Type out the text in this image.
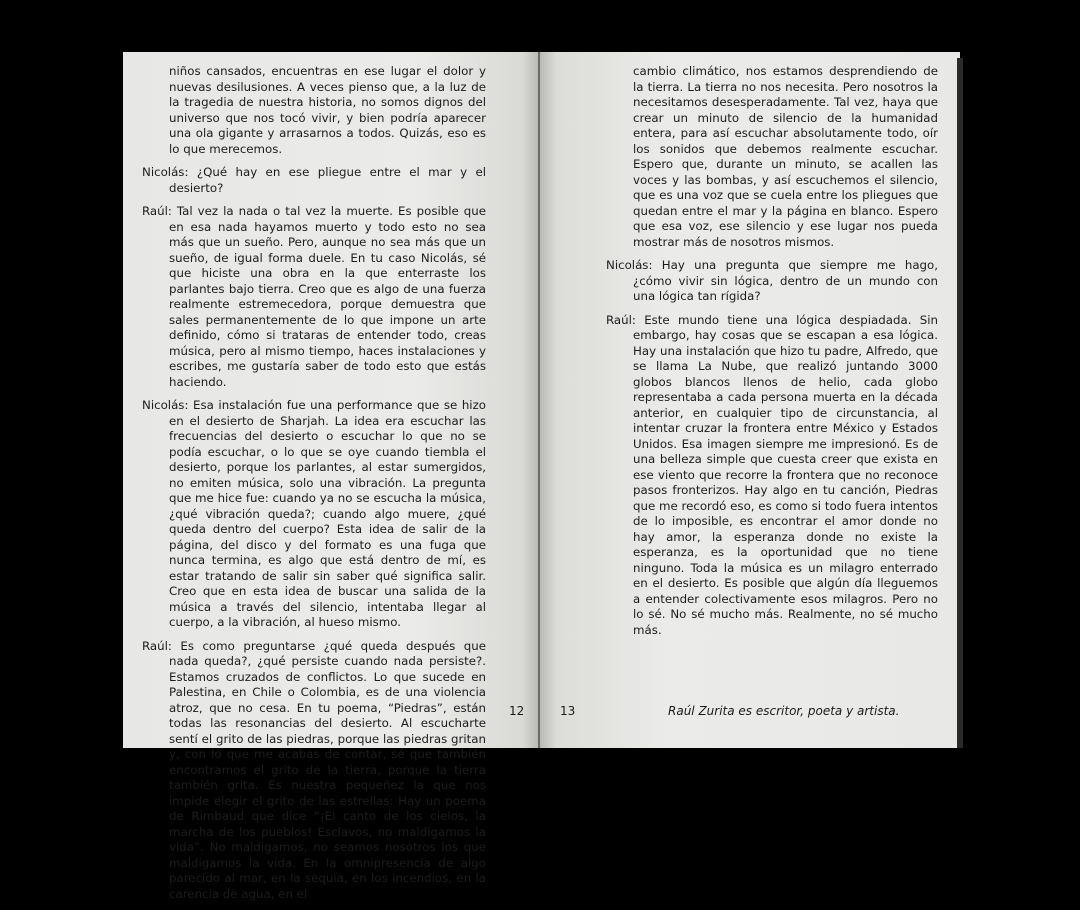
niños cansados, encuentras en ese lugar el dolor y nuevas desilusiones. A veces pienso que, a la luz de la tragedia de nuestra historia, no somos dignos del universo que nos tocó vivir, y bien podría aparecer una ola gigante y arrasarnos a todos. Quizás, eso es lo que merecemos.

Nicolás: ¿Qué hay en ese pliegue entre el mar y el desierto?

Raúl: Tal vez la nada o tal vez la muerte. Es posible que en esa nada hayamos muerto y todo esto no sea más que un sueño. Pero, aunque no sea más que un sueño, de igual forma duele. En tu caso Nicolás, sé que hiciste una obra en la que enterraste los parlantes bajo tierra. Creo que es algo de una fuerza realmente estremecedora, porque demuestra que sales permanentemente de lo que impone un arte definido, cómo si trataras de entender todo, creas música, pero al mismo tiempo, haces instalaciones y escribes, me gustaría saber de todo esto que estás haciendo.

Nicolás: Esa instalación fue una performance que se hizo en el desierto de Sharjah. La idea era escuchar las frecuencias del desierto o escuchar lo que no se podía escuchar, o lo que se oye cuando tiembla el desierto, porque los parlantes, al estar sumergidos, no emiten música, solo una vibración. La pregunta que me hice fue: cuando ya no se escucha la música, ¿qué vibración queda?; cuando algo muere, ¿qué queda dentro del cuerpo? Esta idea de salir de la página, del disco y del formato es una fuga que nunca termina, es algo que está dentro de mí, es estar tratando de salir sin saber qué significa salir. Creo que en esta idea de buscar una salida de la música a través del silencio, intentaba llegar al cuerpo, a la vibración, al hueso mismo.

Raúl: Es como preguntarse ¿qué queda después que nada queda?, ¿qué persiste cuando nada persiste?. Estamos cruzados de conflictos. Lo que sucede en Palestina, en Chile o Colombia, es de una violencia atroz, que no cesa. En tu poema, “Piedras”, están todas las resonancias del desierto. Al escucharte sentí el grito de las piedras, porque las piedras gritan y, con lo que me acabas de contar, sé que también encontramos el grito de la tierra, porque la tierra también grita. Es nuestra pequeñez la que nos impide elegir el grito de las estrellas: Hay un poema de Rimbaud que dice “¡El canto de los cielos, la marcha de los pueblos! Esclavos, no maldigamos la vida”. No maldigamos, no seamos nosotros los que maldigamos la vida. En la omnipresencia de algo parecido al mar, en la sequía, en los incendios, en la carencia de agua, en el

12

cambio climático, nos estamos desprendiendo de la tierra. La tierra no nos necesita. Pero nosotros la necesitamos desesperadamente. Tal vez, haya que crear un minuto de silencio de la humanidad entera, para así escuchar absolutamente todo, oír los sonidos que debemos realmente escuchar. Espero que, durante un minuto, se acallen las voces y las bombas, y así escuchemos el silencio, que es una voz que se cuela entre los pliegues que quedan entre el mar y la página en blanco. Espero que esa voz, ese silencio y ese lugar nos pueda mostrar más de nosotros mismos.

Nicolás: Hay una pregunta que siempre me hago, ¿cómo vivir sin lógica, dentro de un mundo con una lógica tan rígida?

Raúl: Este mundo tiene una lógica despiadada. Sin embargo, hay cosas que se escapan a esa lógica. Hay una instalación que hizo tu padre, Alfredo, que se llama La Nube, que realizó juntando 3000 globos blancos llenos de helio, cada globo representaba a cada persona muerta en la década anterior, en cualquier tipo de circunstancia, al intentar cruzar la frontera entre México y Estados Unidos. Esa imagen siempre me impresionó. Es de una belleza simple que cuesta creer que exista en ese viento que recorre la frontera que no reconoce pasos fronterizos. Hay algo en tu canción, Piedras que me recordó eso, es como si todo fuera intentos de lo imposible, es encontrar el amor donde no hay amor, la esperanza donde no existe la esperanza, es la oportunidad que no tiene ninguno. Toda la música es un milagro enterrado en el desierto. Es posible que algún día lleguemos a entender colectivamente esos milagros. Pero no lo sé. No sé mucho más. Realmente, no sé mucho más.

13	Raúl Zurita es escritor, poeta y artista.
